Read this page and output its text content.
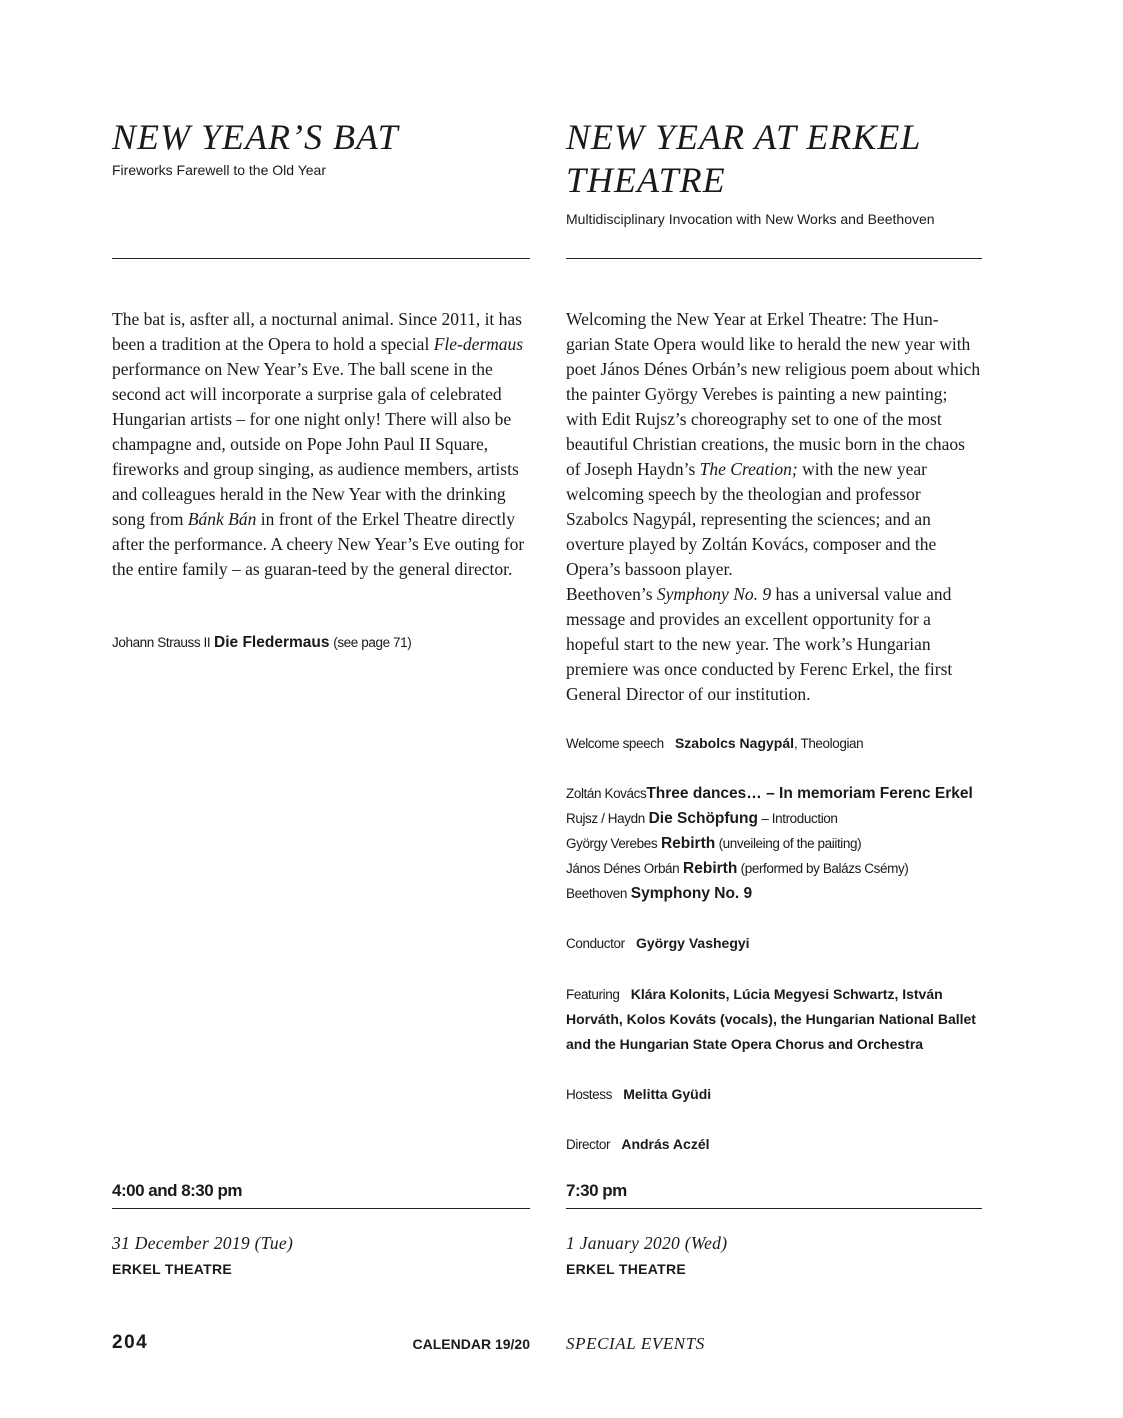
NEW YEAR’S BAT
Fireworks Farewell to the Old Year

The bat is, asfter all, a nocturnal animal. Since 2011, it has been a tradition at the Opera to hold a special Fle-dermaus performance on New Year’s Eve. The ball scene in the second act will incorporate a surprise gala of celebrated Hungarian artists – for one night only! There will also be champagne and, outside on Pope John Paul II Square, fireworks and group singing, as audience members, artists and colleagues herald in the New Year with the drinking song from Bánk Bán in front of the Erkel Theatre directly after the performance. A cheery New Year’s Eve outing for the entire family – as guaran-teed by the general director.

Johann Strauss II Die Fledermaus (see page 71)
4:00 and 8:30 pm
31 December 2019 (Tue)
ERKEL THEATRE
NEW YEAR AT ERKEL
THEATRE
Multidisciplinary Invocation with New Works and Beethoven

Welcoming the New Year at Erkel Theatre: The Hun-garian State Opera would like to herald the new year with poet János Dénes Orbán’s new religious poem about which the painter György Verebes is painting a new painting; with Edit Rujsz’s choreography set to one of the most beautiful Christian creations, the music born in the chaos of Joseph Haydn’s The Creation; with the new year welcoming speech by the theologian and professor Szabolcs Nagypál, representing the sciences; and an overture played by Zoltán Kovács, composer and the Opera’s bassoon player.

Beethoven’s Symphony No. 9 has a universal value and message and provides an excellent opportunity for a hopeful start to the new year. The work’s Hungarian premiere was once conducted by Ferenc Erkel, the first General Director of our institution.

Welcome speech Szabolcs Nagypál, Theologian
Zoltán KovácsThree dances… – In memoriam Ferenc Erkel
Rujsz / Haydn Die Schöpfung – Introduction
György Verebes Rebirth (unveileing of the paiiting)
János Dénes Orbán Rebirth (performed by Balázs Csémy)
Beethoven Symphony No. 9
Conductor György Vashegyi
Featuring Klára Kolonits, Lúcia Megyesi Schwartz, István Horváth, Kolos Kováts (vocals), the Hungarian National Ballet and the Hungarian State Opera Chorus and Orchestra
Hostess Melitta Gyüdi
Director András Aczél
7:30 pm
1 January 2020 (Wed)
ERKEL THEATRE
204	CALENDAR 19/20 SPECIAL EVENTS
